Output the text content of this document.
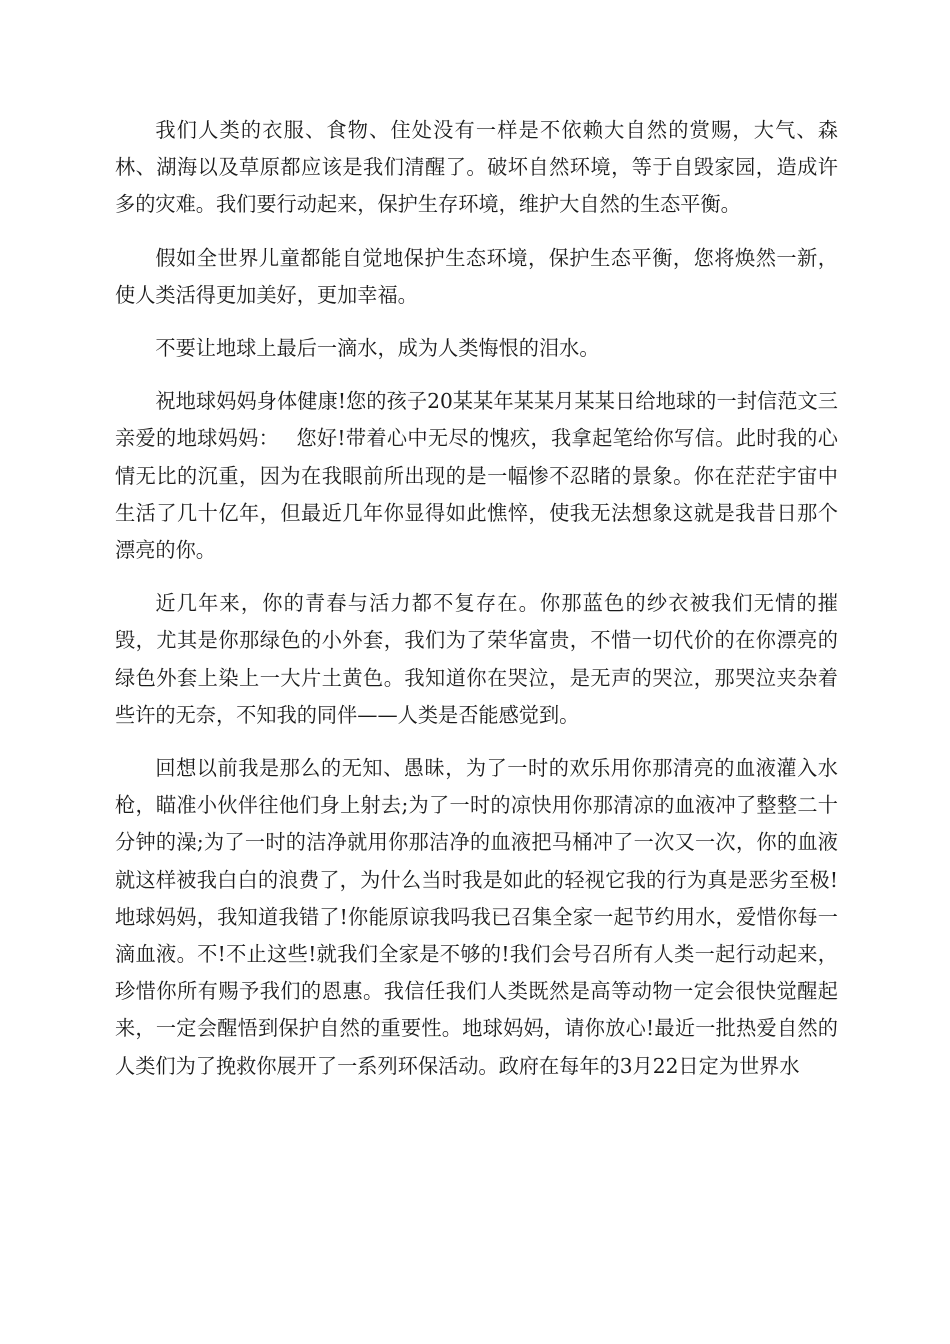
我们人类的衣服、食物、住处没有一样是不依赖大自然的赏赐，大气、森林、湖海以及草原都应该是我们清醒了。破坏自然环境，等于自毁家园，造成许多的灾难。我们要行动起来，保护生存环境，维护大自然的生态平衡。

假如全世界儿童都能自觉地保护生态环境，保护生态平衡，您将焕然一新，使人类活得更加美好，更加幸福。

不要让地球上最后一滴水，成为人类悔恨的泪水。

祝地球妈妈身体健康!您的孩子20某某年某某月某某日给地球的一封信范文三亲爱的地球妈妈：　 您好!带着心中无尽的愧疚，我拿起笔给你写信。此时我的心情无比的沉重，因为在我眼前所出现的是一幅惨不忍睹的景象。你在茫茫宇宙中生活了几十亿年，但最近几年你显得如此憔悴，使我无法想象这就是我昔日那个漂亮的你。

近几年来，你的青春与活力都不复存在。你那蓝色的纱衣被我们无情的摧毁，尤其是你那绿色的小外套，我们为了荣华富贵，不惜一切代价的在你漂亮的绿色外套上染上一大片土黄色。我知道你在哭泣，是无声的哭泣，那哭泣夹杂着些许的无奈，不知我的同伴——人类是否能感觉到。

回想以前我是那么的无知、愚昧，为了一时的欢乐用你那清亮的血液灌入水枪，瞄准小伙伴往他们身上射去;为了一时的凉快用你那清凉的血液冲了整整二十分钟的澡;为了一时的洁净就用你那洁净的血液把马桶冲了一次又一次，你的血液就这样被我白白的浪费了，为什么当时我是如此的轻视它我的行为真是恶劣至极!地球妈妈，我知道我错了!你能原谅我吗我已召集全家一起节约用水，爱惜你每一滴血液。不!不止这些!就我们全家是不够的!我们会号召所有人类一起行动起来，珍惜你所有赐予我们的恩惠。我信任我们人类既然是高等动物一定会很快觉醒起来，一定会醒悟到保护自然的重要性。地球妈妈，请你放心!最近一批热爱自然的人类们为了挽救你展开了一系列环保活动。政府在每年的3月22日定为世界水
